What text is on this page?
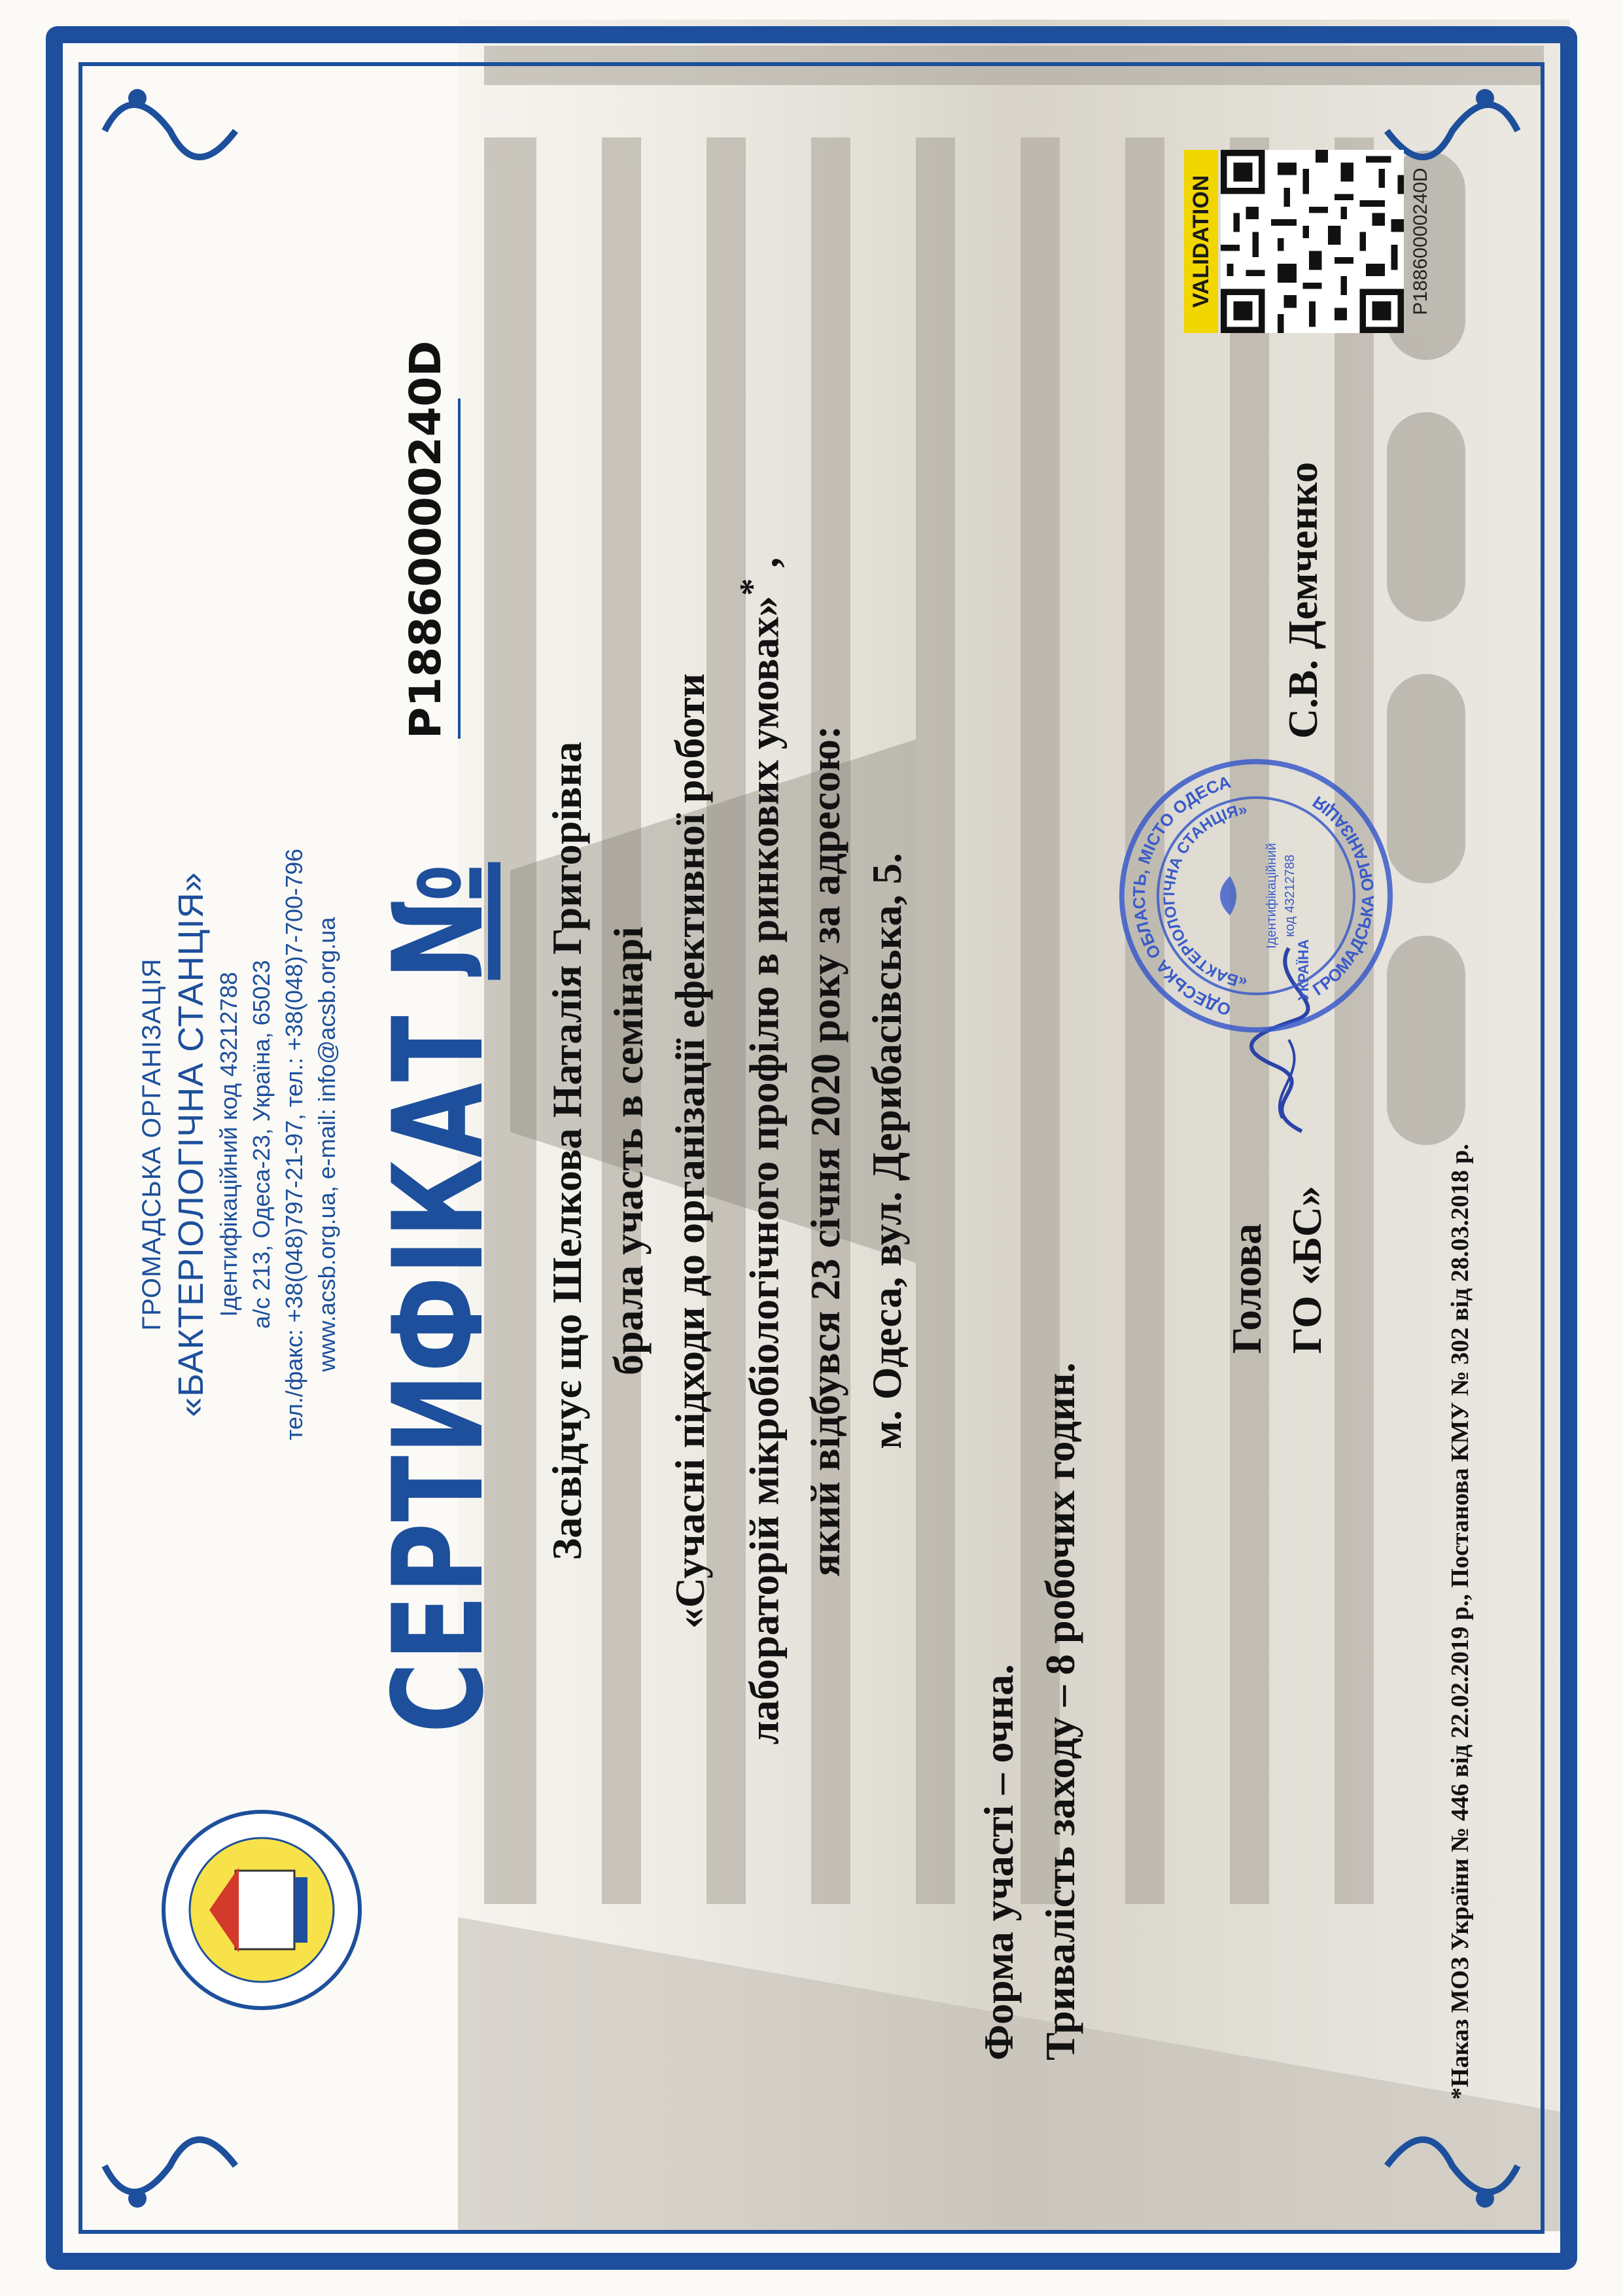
ГРОМАДСЬКА ОРГАНІЗАЦІЯ «БАКТЕРІОЛОГІЧНА СТАНЦІЯ» Ідентифікаційний код 43212788 а/с 213, Одеса-23, Україна, 65023 тел./факс: +38(048)797-21-97, тел.: +38(048)7-700-796 www.acsb.org.ua, e-mail: info@acsb.org.ua СЕРТИФІКАТ №
P18860000240D
Засвідчує що Шелкова Наталія Григорівна брала участь в семінарі «Сучасні підходи до організації ефективної роботи лабораторій мікробіологічного профілю в ринкових умовах»* ,
який відбувся 23 січня 2020 року за адресою: м. Одеса, вул. Дерибасівська, 5.
Форма участі – очна. Тривалість заходу – 8 робочих годин.
Голова ГО «БС»
ОДЕСЬКА ОБЛАСТЬ, МІСТО ОДЕСА
ГРОМАДСЬКА ОРГАНІЗАЦІЯ
«БАКТЕРІОЛОГІЧНА СТАНЦІЯ»
УКРАЇНА
Ідентифікаційний код 43212788
С.В. Демченко
*Наказ МОЗ України № 446 від 22.02.2019 р., Постанова КМУ № 302 від 28.03.2018 р.
VALIDATION	P18860000240D
